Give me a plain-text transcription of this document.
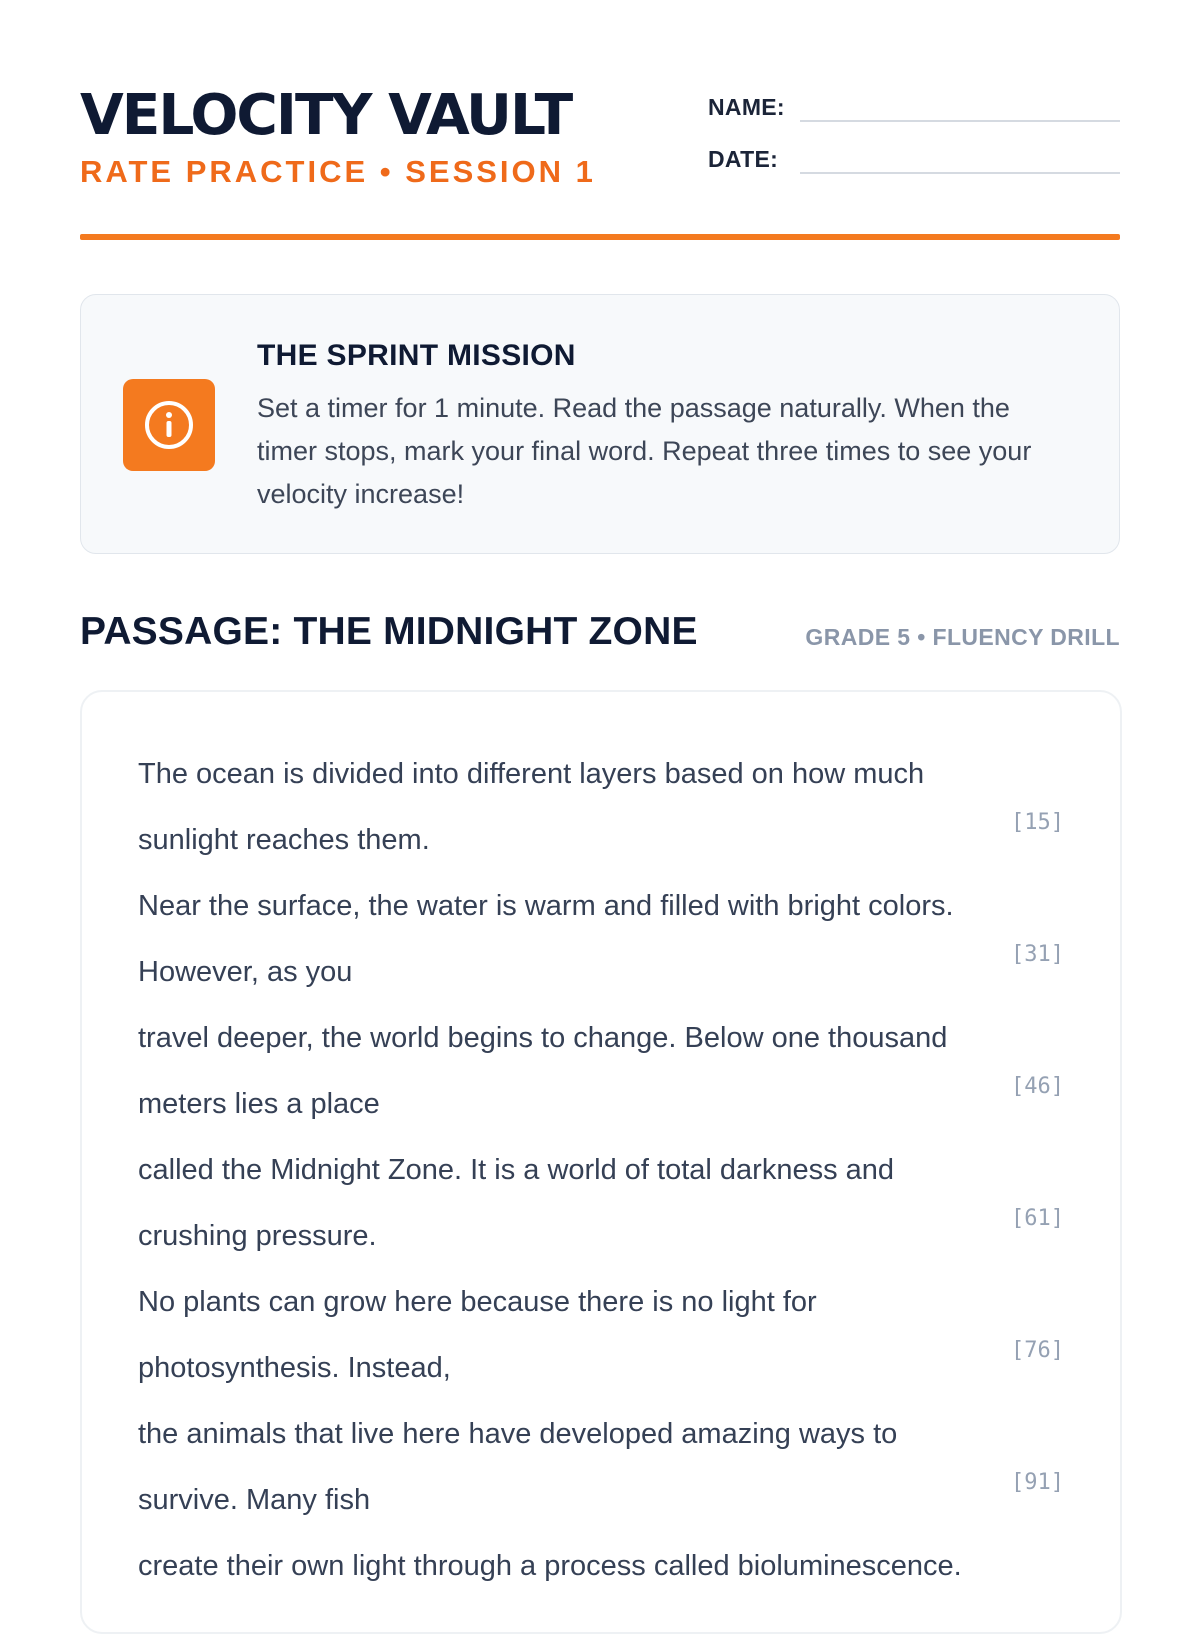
VELOCITY VAULT
RATE PRACTICE • SESSION 1
NAME:
DATE:
THE SPRINT MISSION

Set a timer for 1 minute. Read the passage naturally. When the timer stops, mark your final word. Repeat three times to see your velocity increase!

PASSAGE: THE MIDNIGHT ZONE	GRADE 5 • FLUENCY DRILL
The ocean is divided into different layers based on how much
sunlight reaches them.
Near the surface, the water is warm and filled with bright colors.
However, as you
travel deeper, the world begins to change. Below one thousand
meters lies a place
called the Midnight Zone. It is a world of total darkness and
crushing pressure.
No plants can grow here because there is no light for
photosynthesis. Instead,
the animals that live here have developed amazing ways to
survive. Many fish
create their own light through a process called bioluminescence.
[15]
[31]
[46]
[61]
[76]
[91]
